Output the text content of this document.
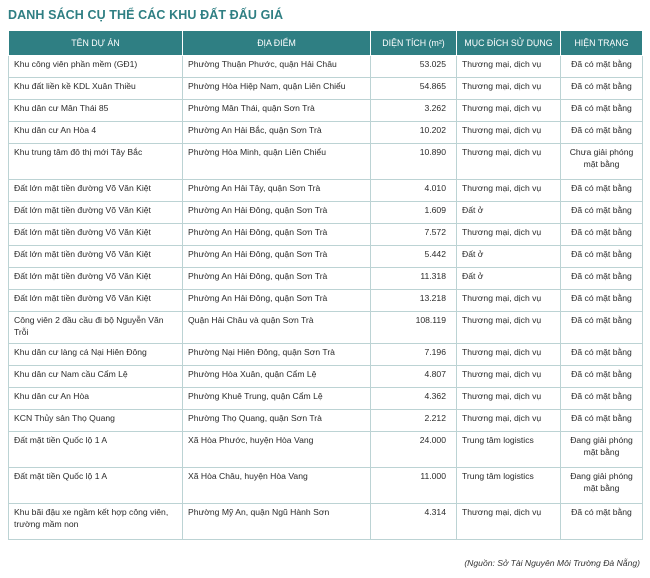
DANH SÁCH CỤ THỂ CÁC KHU ĐẤT ĐẤU GIÁ
TÊN DỰ ÁN	ĐỊA ĐIỂM	DIỆN TÍCH (m²)	MỤC ĐÍCH SỬ DỤNG	HIỆN TRẠNG
Khu công viên phần mềm (GĐ1)	Phường Thuận Phước, quận Hải Châu	53.025	Thương mại, dịch vụ	Đã có mặt bằng
Khu đất liền kề KDL Xuân Thiều	Phường Hòa Hiệp Nam, quận Liên Chiểu	54.865	Thương mại, dịch vụ	Đã có mặt bằng
Khu dân cư Mân Thái 85	Phường Mân Thái, quận Sơn Trà	3.262	Thương mại, dịch vụ	Đã có mặt bằng
Khu dân cư An Hòa 4	Phường An Hải Bắc, quận Sơn Trà	10.202	Thương mại, dịch vụ	Đã có mặt bằng
Khu trung tâm đô thị mới Tây Bắc	Phường Hòa Minh, quận Liên Chiểu	10.890	Thương mại, dịch vụ	Chưa giải phóng mặt bằng
Đất lớn mặt tiền đường Võ Văn Kiệt	Phường An Hải Tây, quận Sơn Trà	4.010	Thương mại, dịch vụ	Đã có mặt bằng
Đất lớn mặt tiền đường Võ Văn Kiệt	Phường An Hải Đông, quận Sơn Trà	1.609	Đất ở	Đã có mặt bằng
Đất lớn mặt tiền đường Võ Văn Kiệt	Phường An Hải Đông, quận Sơn Trà	7.572	Thương mại, dịch vụ	Đã có mặt bằng
Đất lớn mặt tiền đường Võ Văn Kiệt	Phường An Hải Đông, quận Sơn Trà	5.442	Đất ở	Đã có mặt bằng
Đất lớn mặt tiền đường Võ Văn Kiệt	Phường An Hải Đông, quận Sơn Trà	11.318	Đất ở	Đã có mặt bằng
Đất lớn mặt tiền đường Võ Văn Kiệt	Phường An Hải Đông, quận Sơn Trà	13.218	Thương mại, dịch vụ	Đã có mặt bằng
Công viên 2 đầu cầu đi bộ Nguyễn Văn Trỗi	Quận Hải Châu và quận Sơn Trà	108.119	Thương mại, dịch vụ	Đã có mặt bằng
Khu dân cư làng cá Nại Hiên Đông	Phường Nại Hiên Đông, quận Sơn Trà	7.196	Thương mại, dịch vụ	Đã có mặt bằng
Khu dân cư Nam cầu Cẩm Lệ	Phường Hòa Xuân, quận Cẩm Lệ	4.807	Thương mại, dịch vụ	Đã có mặt bằng
Khu dân cư An Hòa	Phường Khuê Trung, quận Cẩm Lệ	4.362	Thương mại, dịch vụ	Đã có mặt bằng
KCN Thủy sản Thọ Quang	Phường Thọ Quang, quận Sơn Trà	2.212	Thương mại, dịch vụ	Đã có mặt bằng
Đất mặt tiền Quốc lộ 1 A	Xã Hòa Phước, huyện Hòa Vang	24.000	Trung tâm logistics	Đang giải phóng mặt bằng
Đất mặt tiền Quốc lộ 1 A	Xã Hòa Châu, huyện Hòa Vang	11.000	Trung tâm logistics	Đang giải phóng mặt bằng
Khu bãi đậu xe ngầm kết hợp công viên, trường mầm non	Phường Mỹ An, quận Ngũ Hành Sơn	4.314	Thương mại, dịch vụ	Đã có mặt bằng
(Nguồn: Sở Tài Nguyên Môi Trường Đà Nẵng)
